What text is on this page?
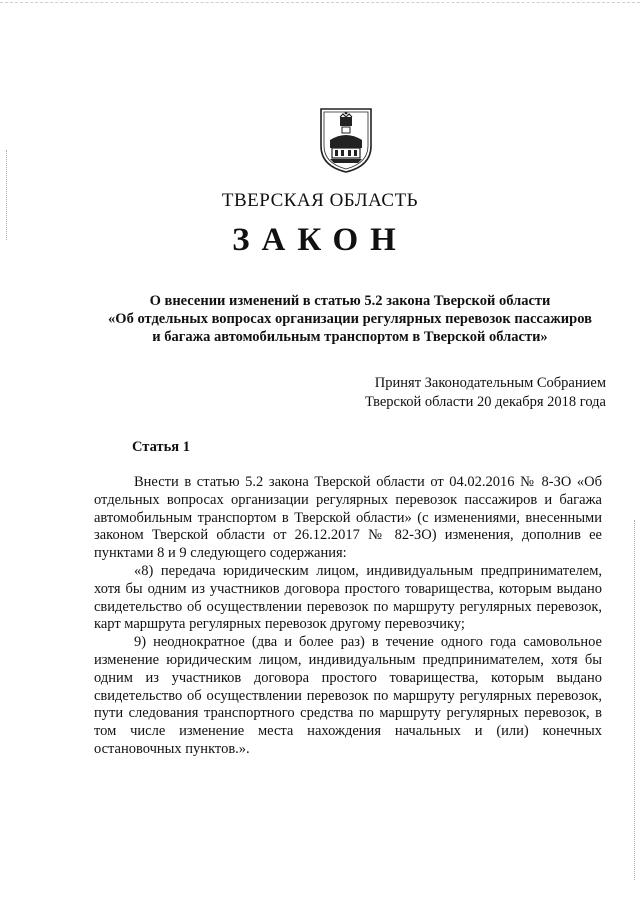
ТВЕРСКАЯ ОБЛАСТЬ
ЗАКОН
О внесении изменений в статью 5.2 закона Тверской области
«Об отдельных вопросах организации регулярных перевозок пассажиров
и багажа автомобильным транспортом в Тверской области»
Принят Законодательным Собранием
Тверской области 20 декабря 2018 года
Статья 1

Внести в статью 5.2 закона Тверской области от 04.02.2016 № 8-ЗО «Об отдельных вопросах организации регулярных перевозок пассажиров и багажа автомобильным транспортом в Тверской области» (с изменениями, внесенными законом Тверской области от 26.12.2017 № 82-ЗО) изменения, дополнив ее пунктами 8 и 9 следующего содержания:

«8) передача юридическим лицом, индивидуальным предпринимателем, хотя бы одним из участников договора простого товарищества, которым выдано свидетельство об осуществлении перевозок по маршруту регулярных перевозок, карт маршрута регулярных перевозок другому перевозчику;

9) неоднократное (два и более раз) в течение одного года самовольное изменение юридическим лицом, индивидуальным предпринимателем, хотя бы одним из участников договора простого товарищества, которым выдано свидетельство об осуществлении перевозок по маршруту регулярных перевозок, пути следования транспортного средства по маршруту регулярных перевозок, в том числе изменение места нахождения начальных и (или) конечных остановочных пунктов.».
